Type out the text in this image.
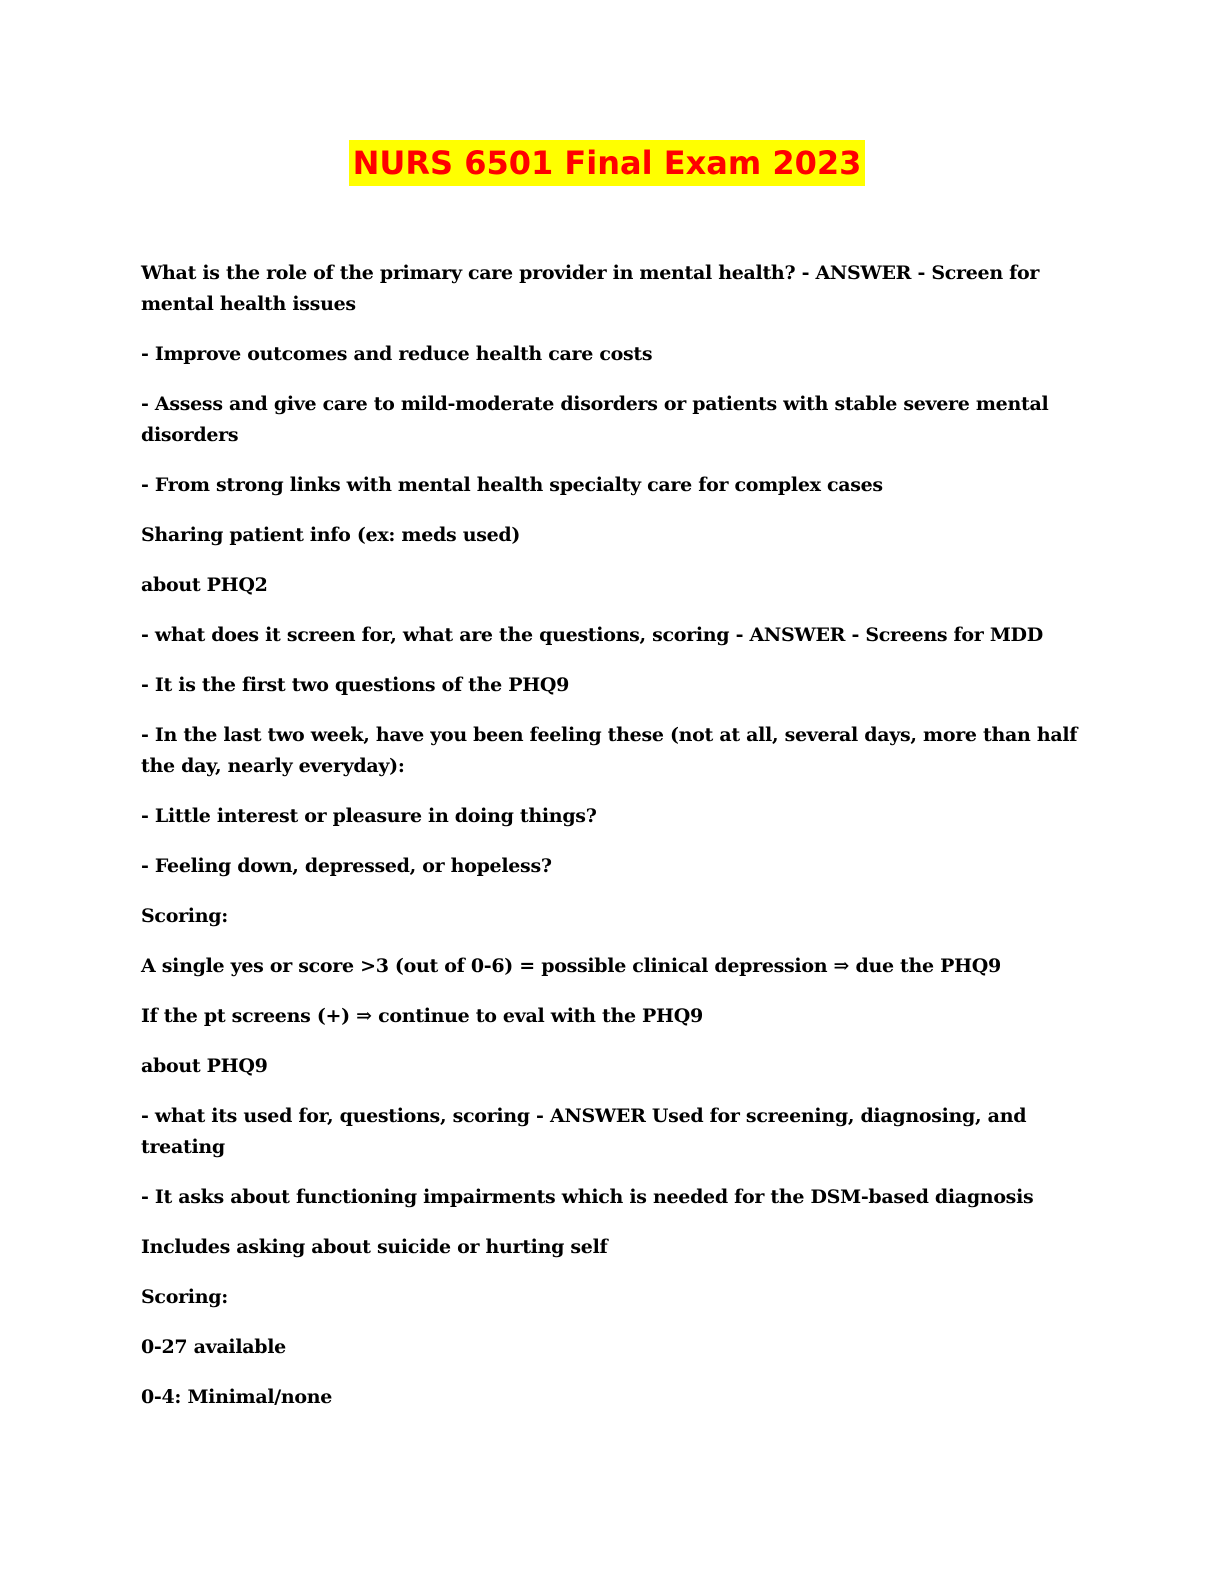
NURS 6501 Final Exam 2023

What is the role of the primary care provider in mental health? - ANSWER - Screen for mental health issues

- Improve outcomes and reduce health care costs

- Assess and give care to mild-moderate disorders or patients with stable severe mental disorders

- From strong links with mental health specialty care for complex cases

Sharing patient info (ex: meds used)

about PHQ2

- what does it screen for, what are the questions, scoring - ANSWER - Screens for MDD

- It is the first two questions of the PHQ9

- In the last two week, have you been feeling these (not at all, several days, more than half the day, nearly everyday):

- Little interest or pleasure in doing things?

- Feeling down, depressed, or hopeless?

Scoring:

A single yes or score >3 (out of 0-6) = possible clinical depression ⇒ due the PHQ9

If the pt screens (+) ⇒ continue to eval with the PHQ9

about PHQ9

- what its used for, questions, scoring - ANSWER Used for screening, diagnosing, and treating

- It asks about functioning impairments which is needed for the DSM-based diagnosis

Includes asking about suicide or hurting self

Scoring:

0-27 available

0-4: Minimal/none
